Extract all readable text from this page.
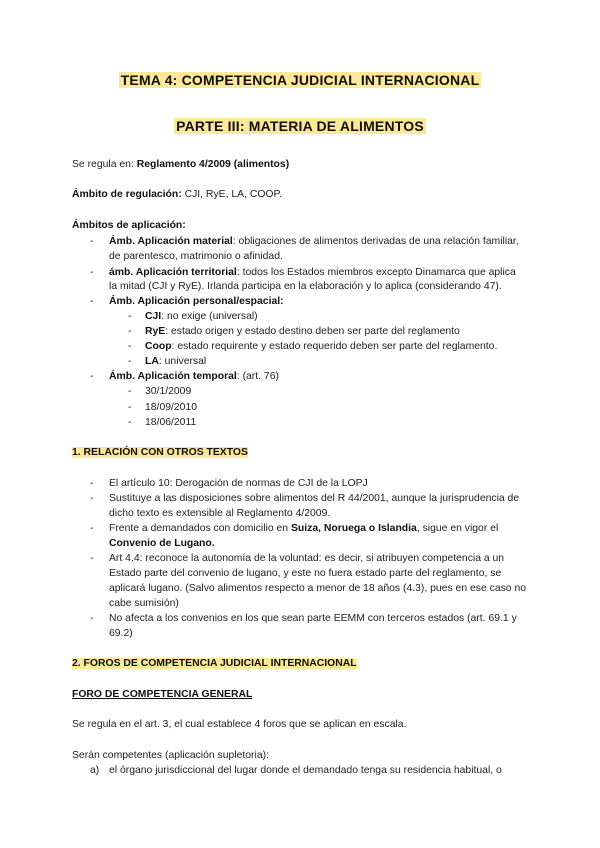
TEMA 4: COMPETENCIA JUDICIAL INTERNACIONAL
PARTE III: MATERIA DE ALIMENTOS
Se regula en: Reglamento 4/2009 (alimentos)
Ámbito de regulación: CJI, RyE, LA, COOP.
Ámbitos de aplicación:
- Ámb. Aplicación material: obligaciones de alimentos derivadas de una relación familiar,
de parentesco, matrimonio o afinidad.
- ámb. Aplicación territorial: todos los Estados miembros excepto Dinamarca que aplica
la mitad (CJI y RyE). Irlanda participa en la elaboración y lo aplica (considerando 47).
- Ámb. Aplicación personal/espacial:
- CJI: no exige (universal)
- RyE: estado origen y estado destino deben ser parte del reglamento
- Coop: estado requirente y estado requerido deben ser parte del reglamento.
- LA: universal
- Ámb. Aplicación temporal: (art. 76)
- 30/1/2009
- 18/09/2010
- 18/06/2011
1. RELACIÓN CON OTROS TEXTOS
- El artículo 10: Derogación de normas de CJI de la LOPJ
- Sustituye a las disposiciones sobre alimentos del R 44/2001, aunque la jurisprudencia de
dicho texto es extensible al Reglamento 4/2009.
- Frente a demandados con domicilio en Suiza, Noruega o Islandia, sigue en vigor el
Convenio de Lugano.
- Art 4.4: reconoce la autonomía de la voluntad: es decir, si atribuyen competencia a un
Estado parte del convenio de lugano, y este no fuera estado parte del reglamento, se
aplicará lugano. (Salvo alimentos respecto a menor de 18 años (4.3), pues en ese caso no
cabe sumisión)
- No afecta a los convenios en los que sean parte EEMM con terceros estados (art. 69.1 y
69.2)
2. FOROS DE COMPETENCIA JUDICIAL INTERNACIONAL
FORO DE COMPETENCIA GENERAL
Se regula en el art. 3, el cual establece 4 foros que se aplican en escala.
Serán competentes (aplicación supletoria):
a) el órgano jurisdiccional del lugar donde el demandado tenga su residencia habitual, o
